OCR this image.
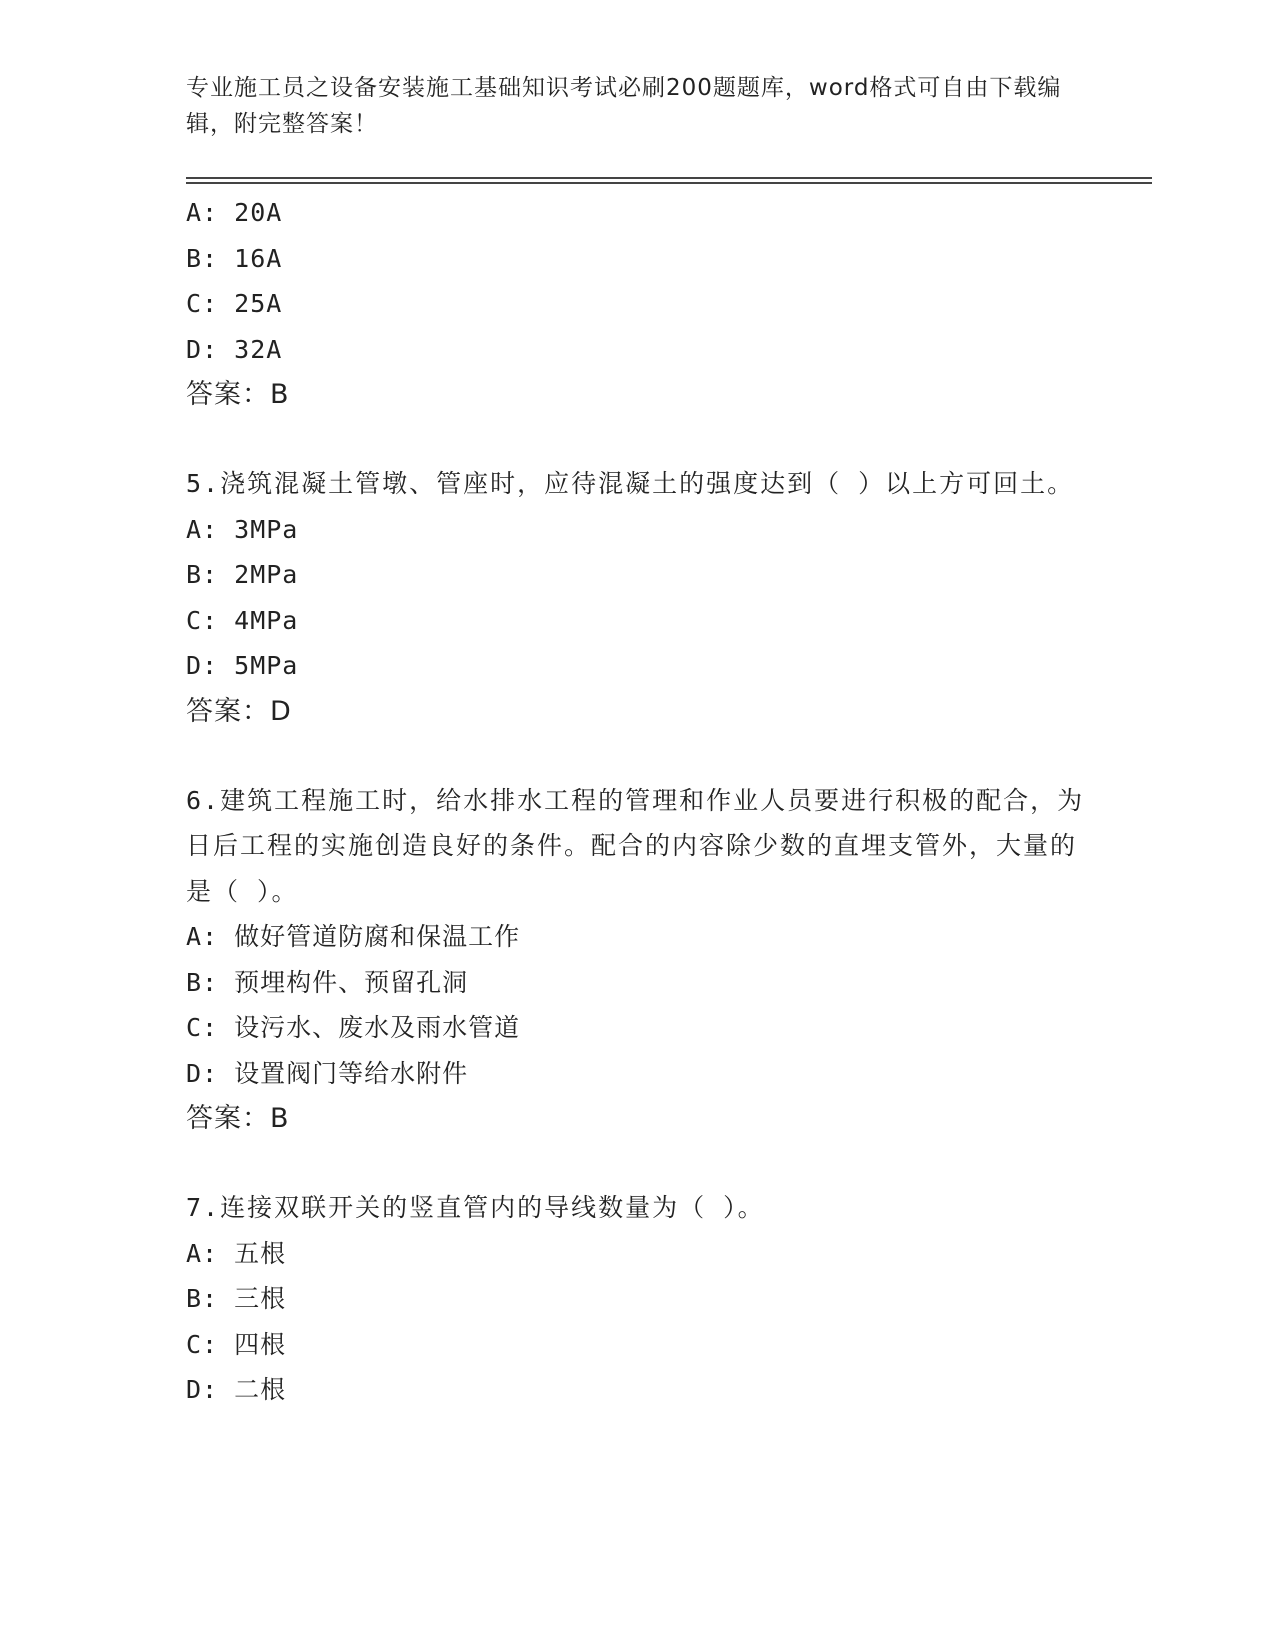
专业施工员之设备安装施工基础知识考试必刷200题题库，word格式可自由下载编辑，附完整答案！
A: 20A
B: 16A
C: 25A
D: 32A
答案：B
5.浇筑混凝土管墩、管座时，应待混凝土的强度达到（ ）以上方可回土。
A: 3MPa
B: 2MPa
C: 4MPa
D: 5MPa
答案：D
6.建筑工程施工时，给水排水工程的管理和作业人员要进行积极的配合，为日后工程的实施创造良好的条件。配合的内容除少数的直埋支管外，大量的是（ ）。
A: 做好管道防腐和保温工作
B: 预埋构件、预留孔洞
C: 设污水、废水及雨水管道
D: 设置阀门等给水附件
答案：B
7.连接双联开关的竖直管内的导线数量为（ ）。
A: 五根
B: 三根
C: 四根
D: 二根
